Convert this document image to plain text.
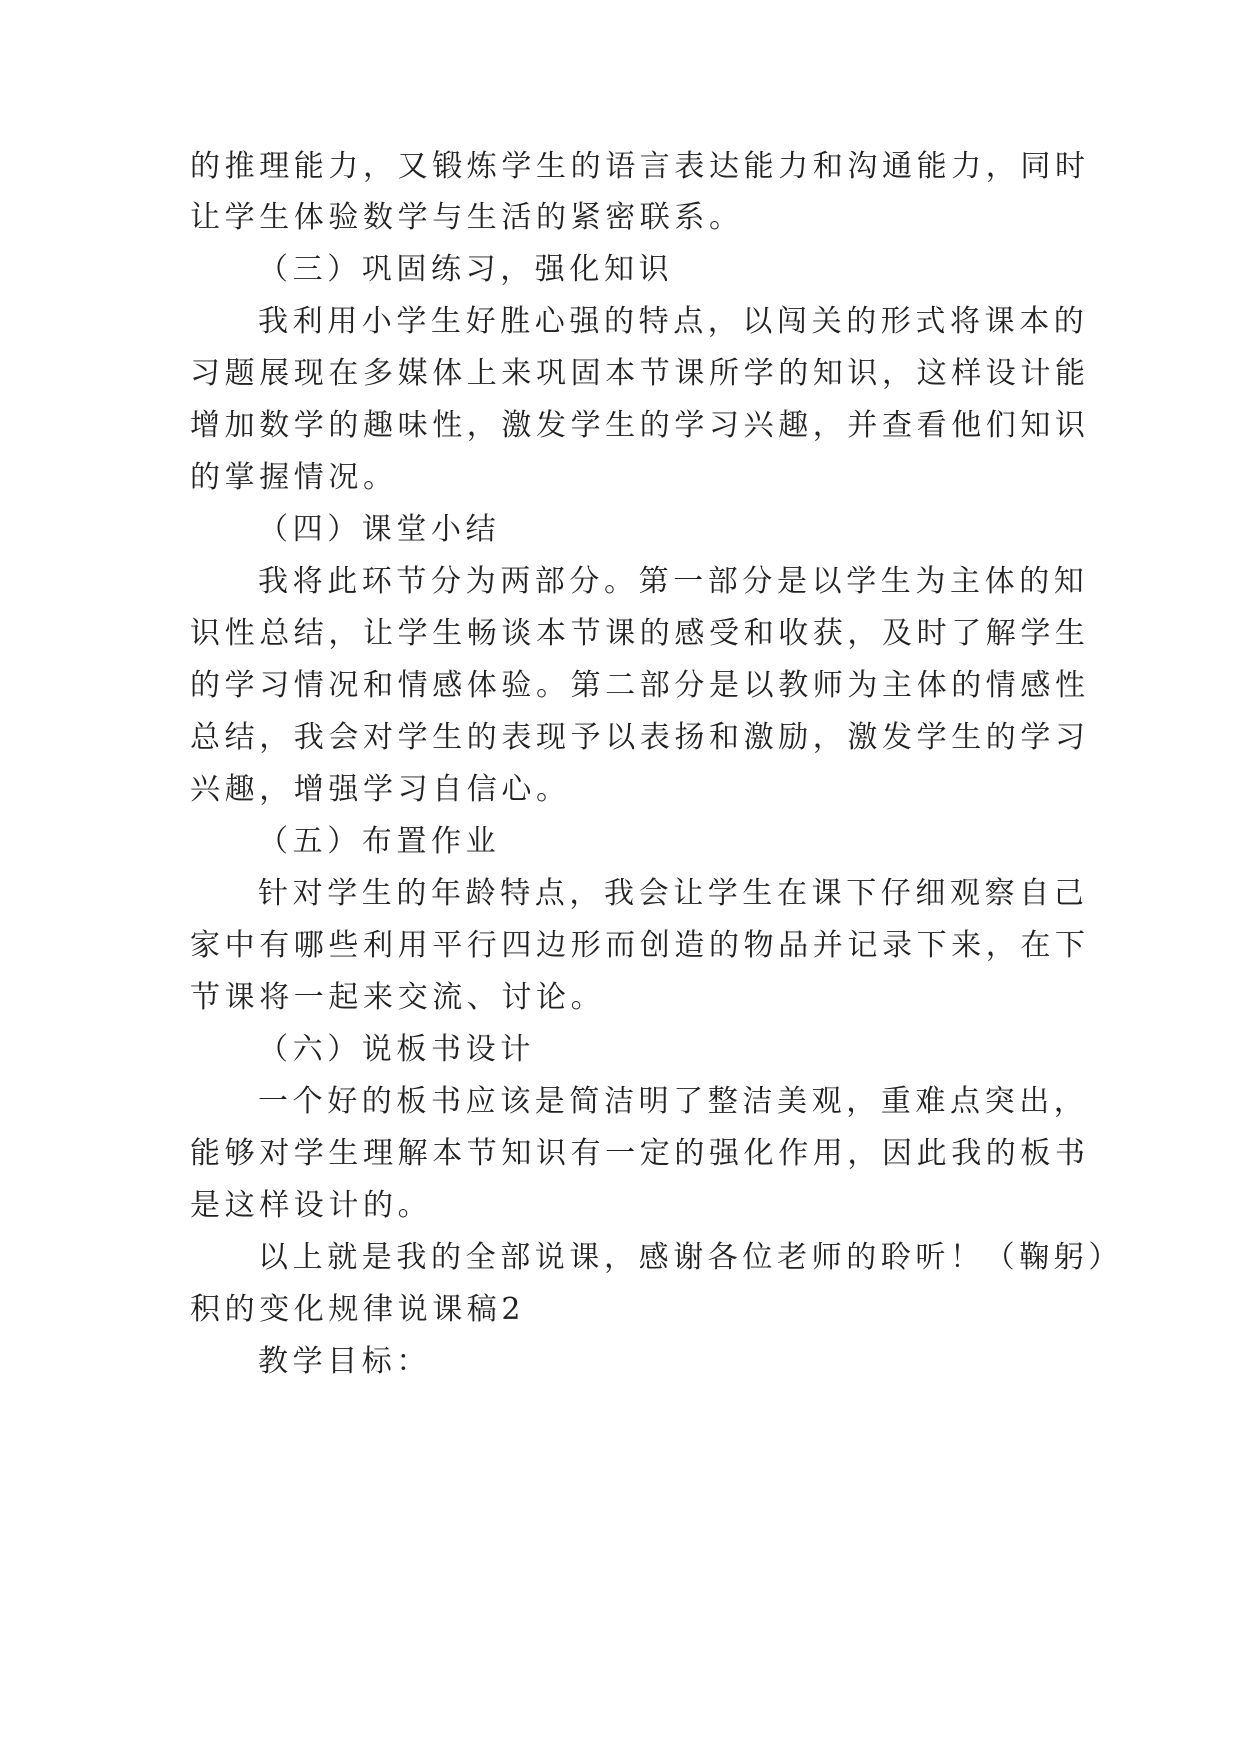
的推理能力，又锻炼学生的语言表达能力和沟通能力，同时
让学生体验数学与生活的紧密联系。
（三）巩固练习，强化知识
我利用小学生好胜心强的特点，以闯关的形式将课本的
习题展现在多媒体上来巩固本节课所学的知识，这样设计能
增加数学的趣味性，激发学生的学习兴趣，并查看他们知识
的掌握情况。
（四）课堂小结
我将此环节分为两部分。第一部分是以学生为主体的知
识性总结，让学生畅谈本节课的感受和收获，及时了解学生
的学习情况和情感体验。第二部分是以教师为主体的情感性
总结，我会对学生的表现予以表扬和激励，激发学生的学习
兴趣，增强学习自信心。
（五）布置作业
针对学生的年龄特点，我会让学生在课下仔细观察自己
家中有哪些利用平行四边形而创造的物品并记录下来，在下
节课将一起来交流、讨论。
（六）说板书设计
一个好的板书应该是简洁明了整洁美观，重难点突出，
能够对学生理解本节知识有一定的强化作用，因此我的板书
是这样设计的。
以上就是我的全部说课，感谢各位老师的聆听！（鞠躬）
积的变化规律说课稿2
教学目标：
